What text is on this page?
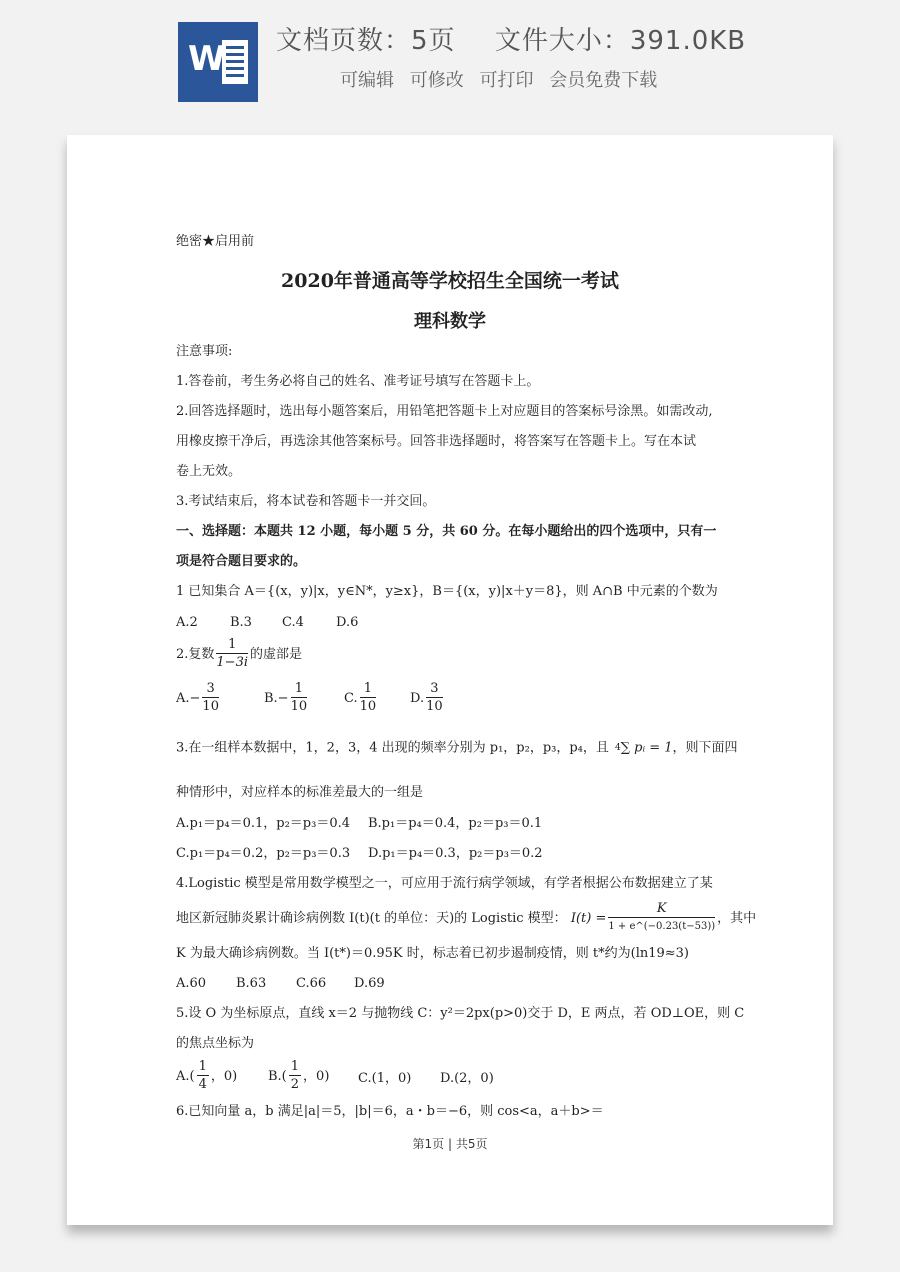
W 文档页数：5页 文件大小：391.0KB
可编辑 可修改 可打印 会员免费下载
绝密★启用前
2020年普通高等学校招生全国统一考试
理科数学
注意事项:
1.答卷前，考生务必将自己的姓名、准考证号填写在答题卡上。
2.回答选择题时，选出每小题答案后，用铅笔把答题卡上对应题目的答案标号涂黑。如需改动,
用橡皮擦干净后，再选涂其他答案标号。回答非选择题时，将答案写在答题卡上。写在本试
卷上无效。
3.考试结束后，将本试卷和答题卡一并交回。
一、选择题：本题共 12 小题，每小题 5 分，共 60 分。在每小题给出的四个选项中，只有一
项是符合题目要求的。
1 已知集合 A＝{(x，y)|x，y∈N*，y≥x}，B＝{(x，y)|x＋y＝8}，则 A∩B 中元素的个数为
A.2 B.3 C.4 D.6
2.复数 $\frac{1}{1-3i}$ 的虚部是
$A.- \frac{3}{10}$	$B.- \frac{1}{10}$	C. $\frac{1}{10}$	D. $\frac{3}{10}$
3.在一组样本数据中，1，2，3，4 出现的频率分别为 p₁，p₂，p₃，p₄，且 4 ∑ pᵢ = 1，则下面四
种情形中，对应样本的标准差最大的一组是
A.p₁＝p₄＝0.1，p₂＝p₃＝0.4 B.p₁＝p₄＝0.4，p₂＝p₃＝0.1
C.p₁＝p₄＝0.2，p₂＝p₃＝0.3 D.p₁＝p₄＝0.3，p₂＝p₃＝0.2
4.Logistic 模型是常用数学模型之一，可应用于流行病学领域，有学者根据公布数据建立了某
地区新冠肺炎累计确诊病例数 I(t)(t 的单位：天)的 Logistic 模型： $I(t) = \frac{K}{1 + e\^{}(-0.23(t-53))}$ ，其中
K 为最大确诊病例数。当 I(t*)＝0.95K 时，标志着已初步遏制疫情，则 t*约为(ln19≈3)
A.60 B.63 C.66 D.69
5.设 O 为坐标原点，直线 x＝2 与抛物线 C：y²＝2px(p>0)交于 D，E 两点，若 OD⊥OE，则 C
的焦点坐标为
$A.( \frac{1}{4}$ ，0) $B.( \frac{1}{2}$ ，0) C.(1，0) D.(2，0)
6.已知向量 a，b 满足|a|＝5，|b|＝6，a・b＝−6，则 cos<a，a＋b>＝
第1页 | 共5页
